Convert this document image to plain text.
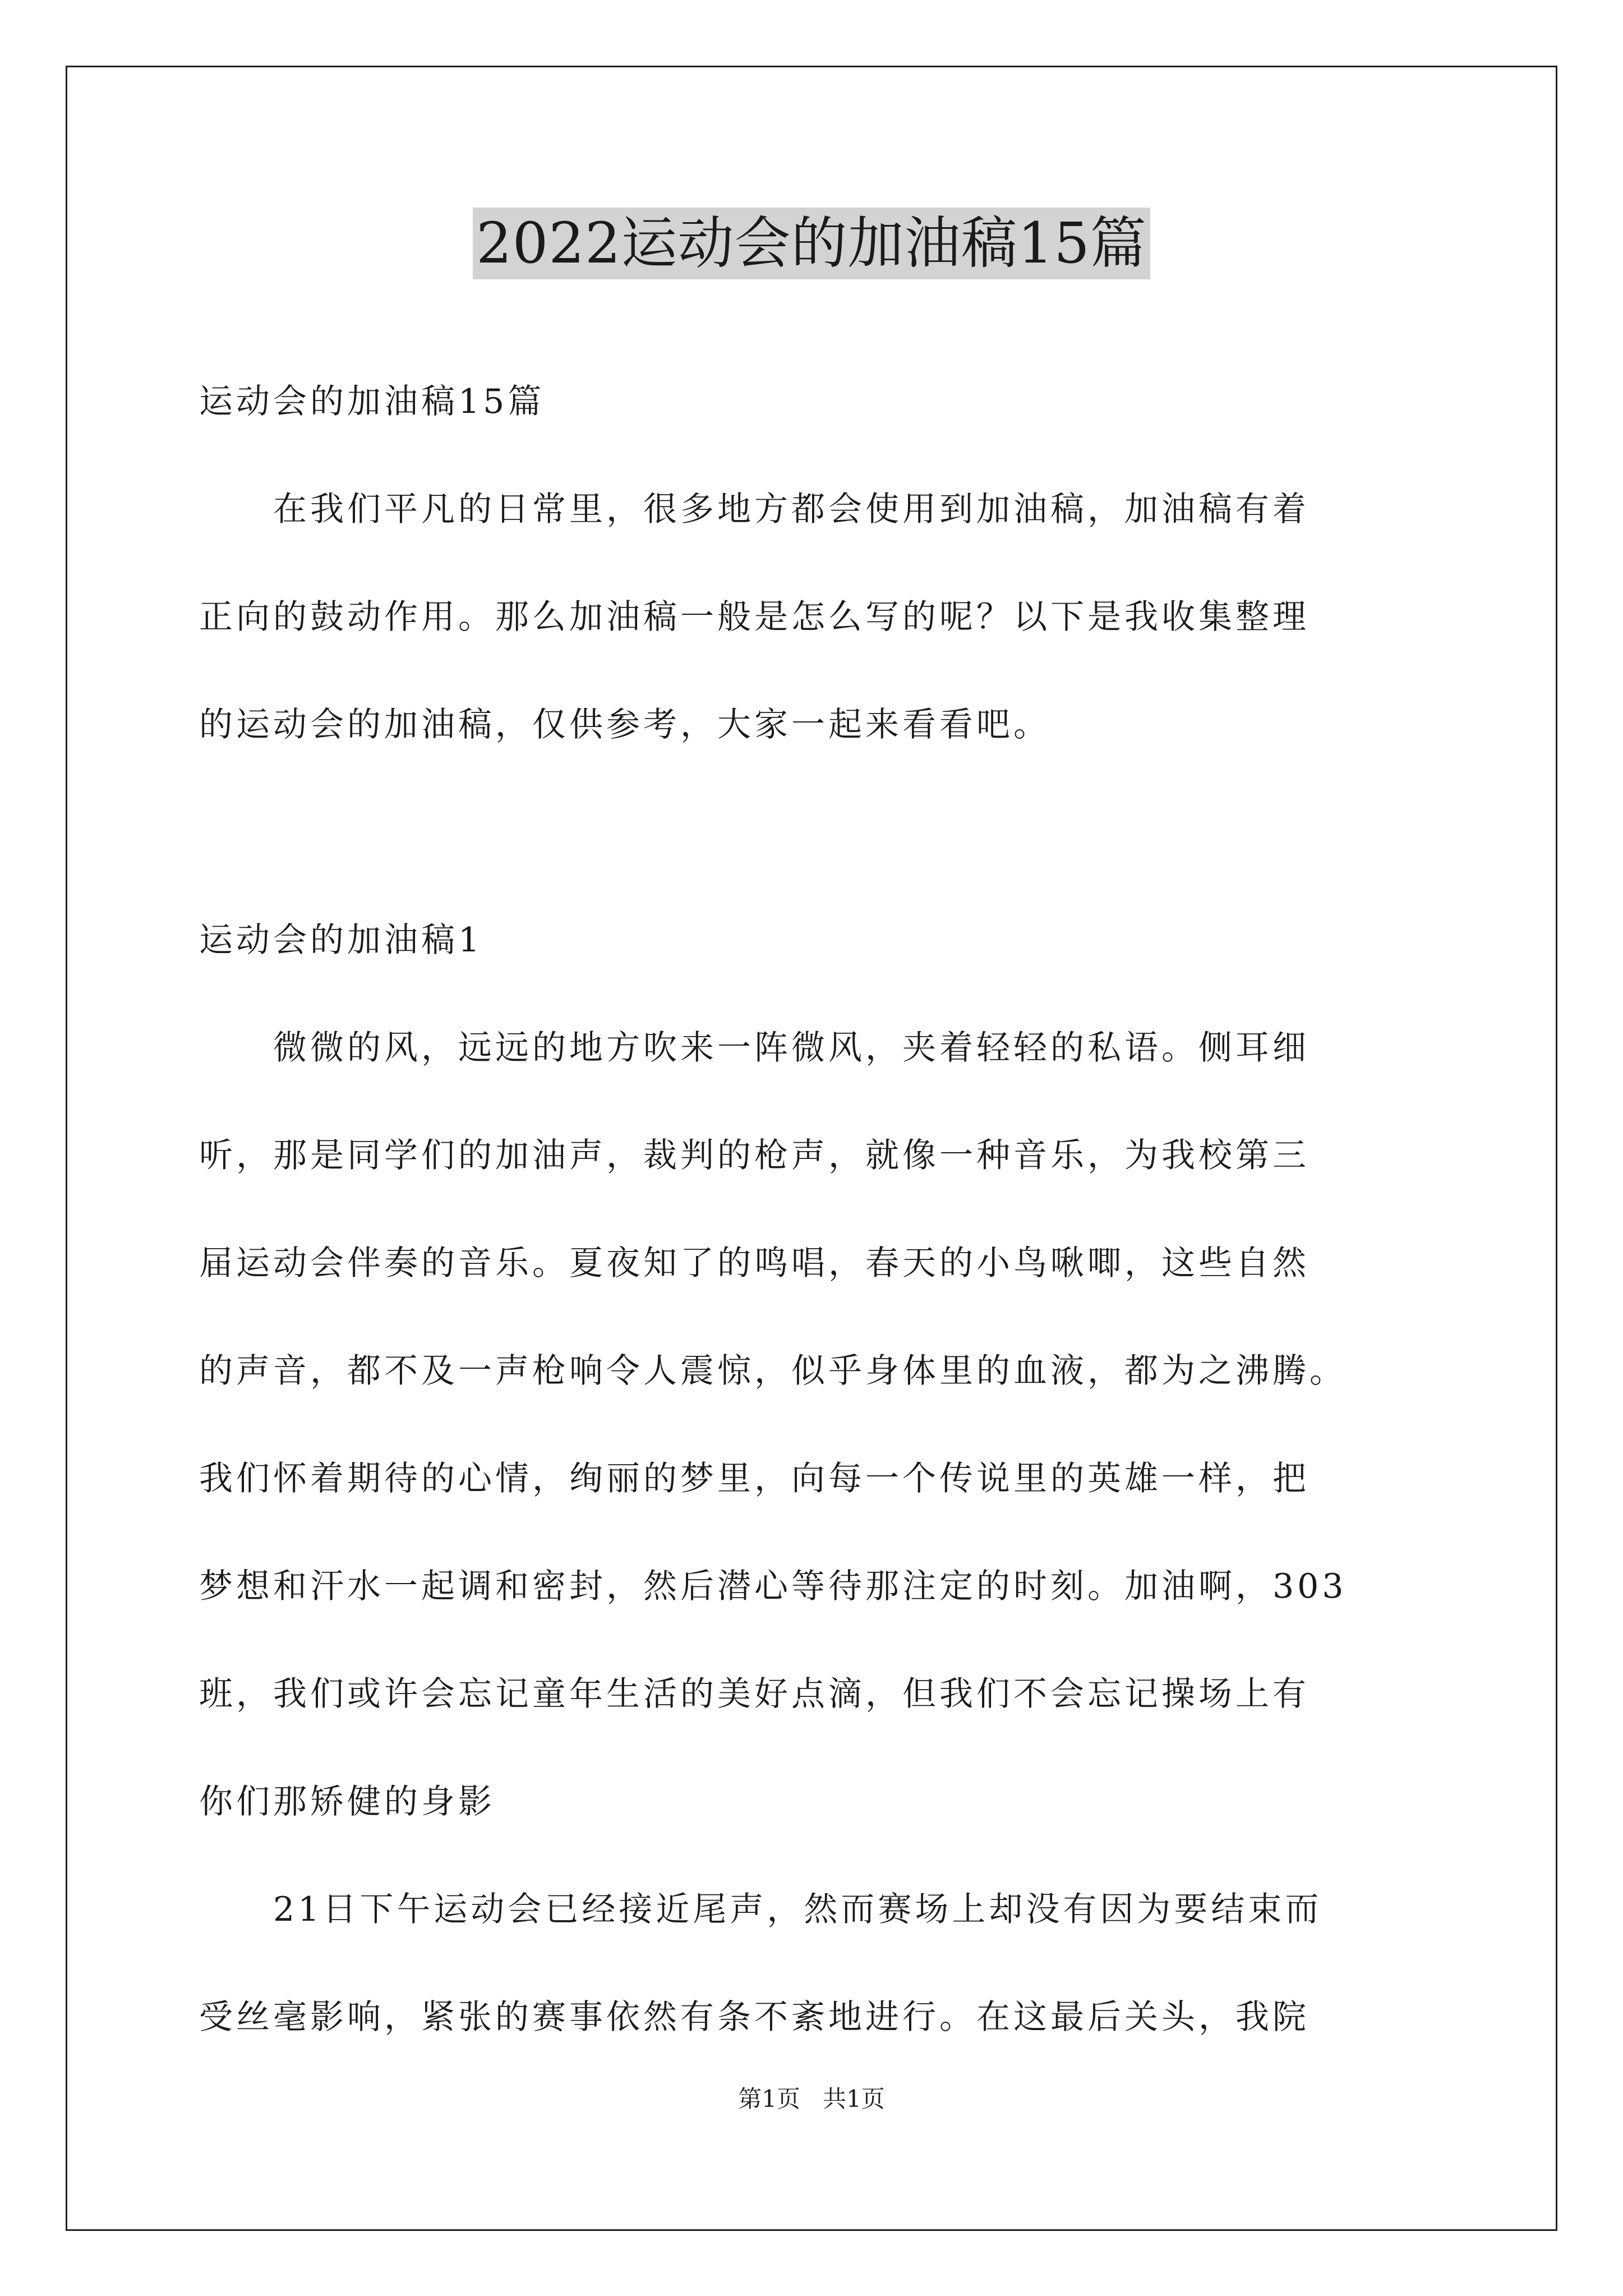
2022运动会的加油稿15篇
运动会的加油稿15篇
在我们平凡的日常里，很多地方都会使用到加油稿，加油稿有着
正向的鼓动作用。那么加油稿一般是怎么写的呢？以下是我收集整理
的运动会的加油稿，仅供参考，大家一起来看看吧。
运动会的加油稿1
微微的风，远远的地方吹来一阵微风，夹着轻轻的私语。侧耳细
听，那是同学们的加油声，裁判的枪声，就像一种音乐，为我校第三
届运动会伴奏的音乐。夏夜知了的鸣唱，春天的小鸟啾唧，这些自然
的声音，都不及一声枪响令人震惊，似乎身体里的血液，都为之沸腾。
我们怀着期待的心情，绚丽的梦里，向每一个传说里的英雄一样，把
梦想和汗水一起调和密封，然后潜心等待那注定的时刻。加油啊，303
班，我们或许会忘记童年生活的美好点滴，但我们不会忘记操场上有
你们那矫健的身影
21日下午运动会已经接近尾声，然而赛场上却没有因为要结束而
受丝毫影响，紧张的赛事依然有条不紊地进行。在这最后关头，我院
第1页   共1页
